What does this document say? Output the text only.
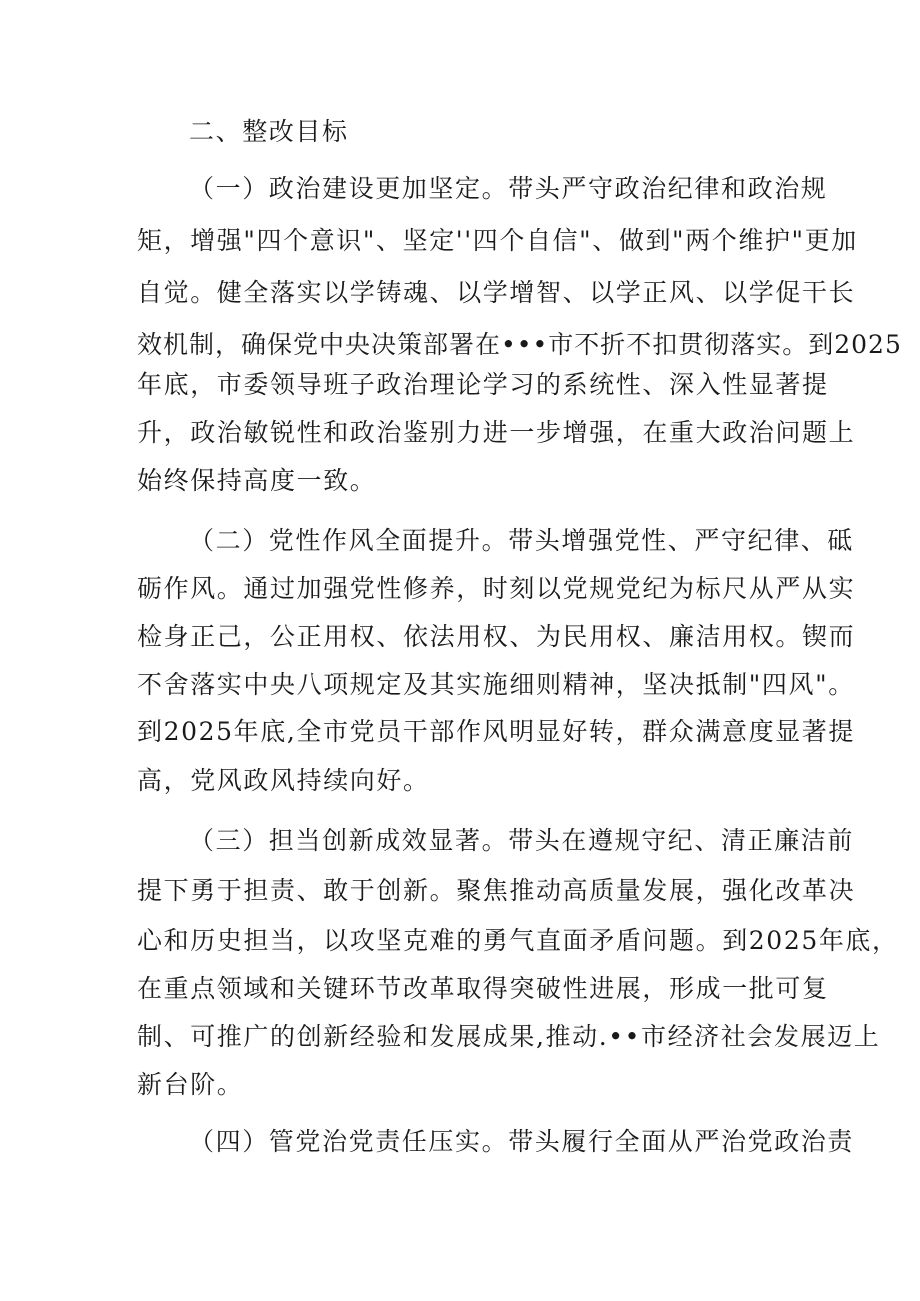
二、整改目标
（一）政治建设更加坚定。带头严守政治纪律和政治规
矩，增强"四个意识"、坚定''四个自信"、做到"两个维护"更加
自觉。健全落实以学铸魂、以学增智、以学正风、以学促干长
效机制，确保党中央决策部署在•••市不折不扣贯彻落实。到2025
年底，市委领导班子政治理论学习的系统性、深入性显著提
升，政治敏锐性和政治鉴别力进一步增强，在重大政治问题上
始终保持高度一致。
（二）党性作风全面提升。带头增强党性、严守纪律、砥
砺作风。通过加强党性修养，时刻以党规党纪为标尺从严从实
检身正己，公正用权、依法用权、为民用权、廉洁用权。锲而
不舍落实中央八项规定及其实施细则精神，坚决抵制"四风"。
到2025年底,全市党员干部作风明显好转，群众满意度显著提
高，党风政风持续向好。
（三）担当创新成效显著。带头在遵规守纪、清正廉洁前
提下勇于担责、敢于创新。聚焦推动高质量发展，强化改革决
心和历史担当，以攻坚克难的勇气直面矛盾问题。到2025年底，
在重点领域和关键环节改革取得突破性进展，形成一批可复
制、可推广的创新经验和发展成果,推动.••市经济社会发展迈上
新台阶。
（四）管党治党责任压实。带头履行全面从严治党政治责
